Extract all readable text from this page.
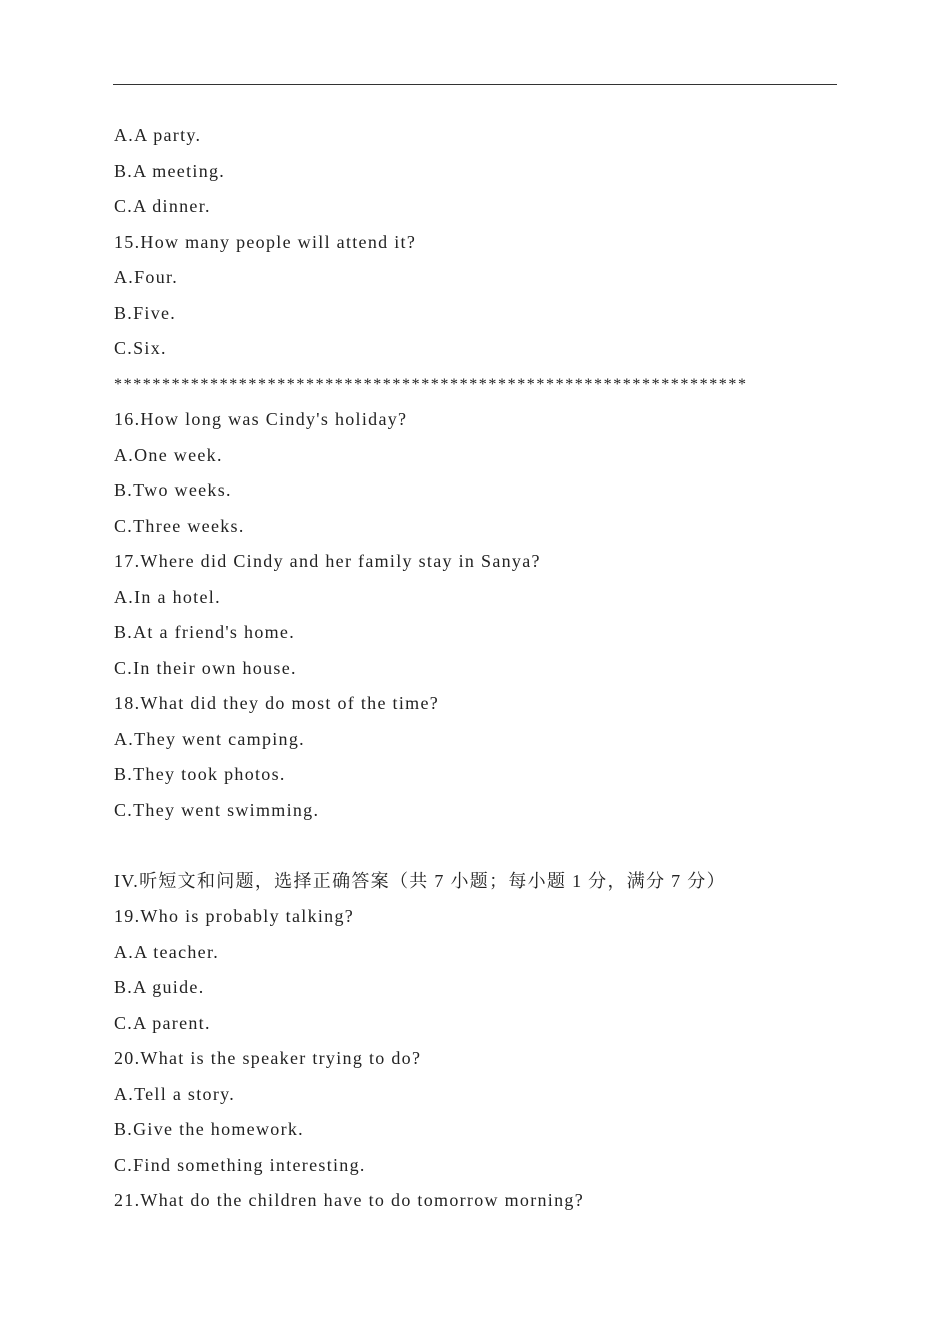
A.A party.
B.A meeting.
C.A dinner.
15.How many people will attend it?
A.Four.
B.Five.
C.Six.
******************************************************************
16.How long was Cindy's holiday?
A.One week.
B.Two weeks.
C.Three weeks.
17.Where did Cindy and her family stay in Sanya?
A.In a hotel.
B.At a friend's home.
C.In their own house.
18.What did they do most of the time?
A.They went camping.
B.They took photos.
C.They went swimming.
IV.听短文和问题，选择正确答案（共 7 小题；每小题 1 分，满分 7 分）
19.Who is probably talking?
A.A teacher.
B.A guide.
C.A parent.
20.What is the speaker trying to do?
A.Tell a story.
B.Give the homework.
C.Find something interesting.
21.What do the children have to do tomorrow morning?
